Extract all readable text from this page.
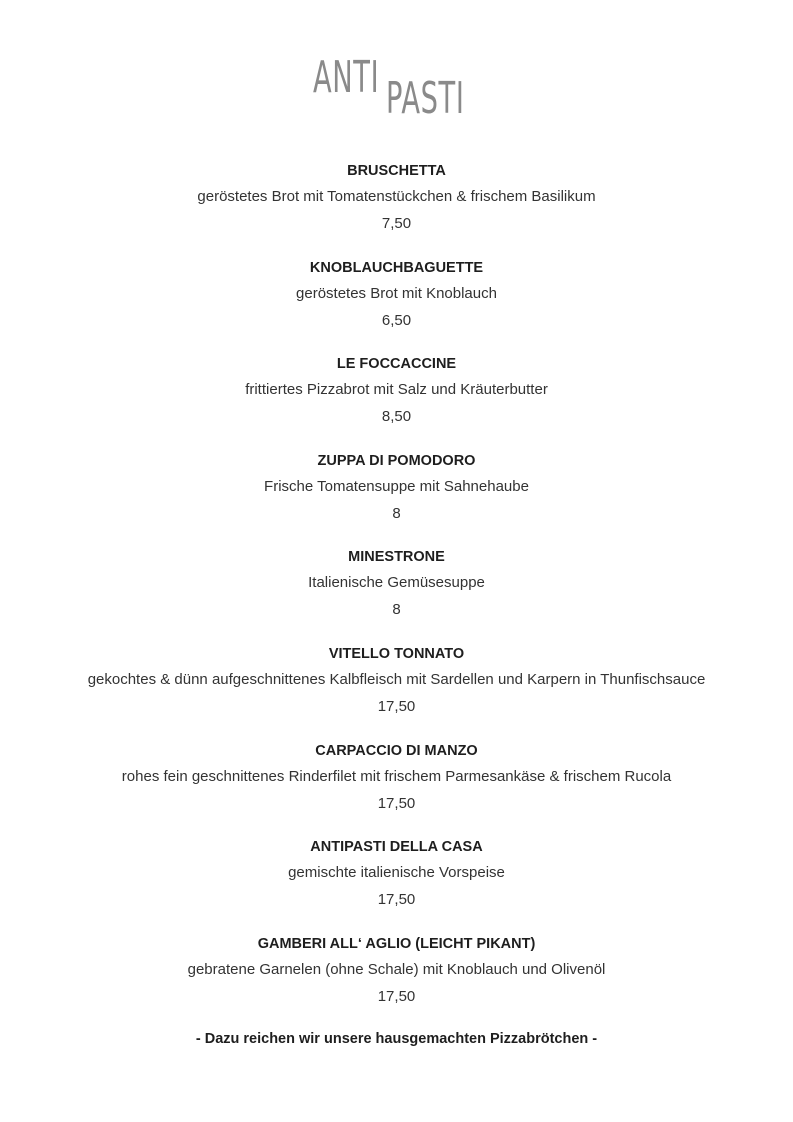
ANTI PASTI
BRUSCHETTA
geröstetes Brot mit Tomatenstückchen & frischem Basilikum
7,50
KNOBLAUCHBAGUETTE
geröstetes Brot mit Knoblauch
6,50
LE FOCCACCINE
frittiertes Pizzabrot mit Salz und Kräuterbutter
8,50
ZUPPA DI POMODORO
Frische Tomatensuppe mit Sahnehaube
8
MINESTRONE
Italienische Gemüsesuppe
8
VITELLO TONNATO
gekochtes & dünn aufgeschnittenes Kalbfleisch mit Sardellen und Karpern in Thunfischsauce
17,50
CARPACCIO DI MANZO
rohes fein geschnittenes Rinderfilet mit frischem Parmesankäse & frischem Rucola
17,50
ANTIPASTI DELLA CASA
gemischte italienische Vorspeise
17,50
GAMBERI ALL‘ AGLIO (LEICHT PIKANT)
gebratene Garnelen (ohne Schale) mit Knoblauch und Olivenöl
17,50
- Dazu reichen wir unsere hausgemachten Pizzabrötchen -
